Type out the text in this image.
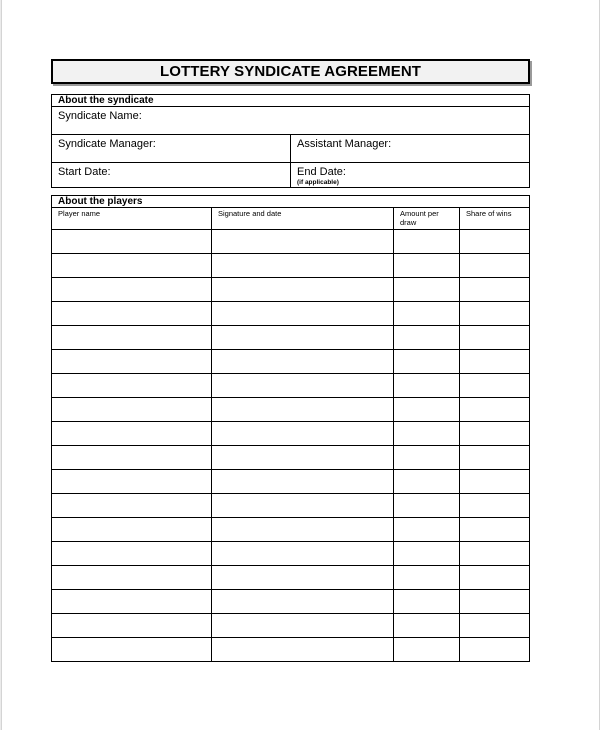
LOTTERY SYNDICATE AGREEMENT
About the syndicate	
Syndicate Name:	
Syndicate Manager:	Assistant Manager:
Start Date:	End Date:
(if applicable)
About the players			
Player name	Signature and date	Amount per draw	Share of wins
